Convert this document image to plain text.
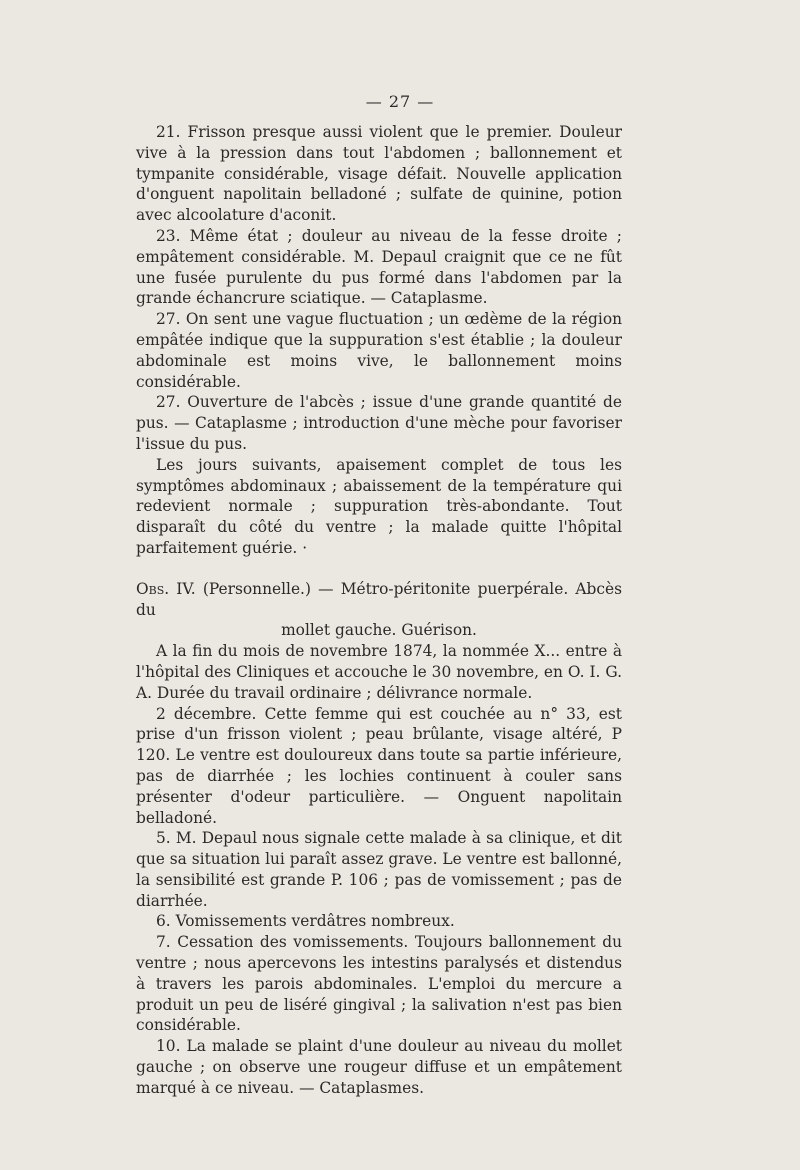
— 27 —

21. Frisson presque aussi violent que le premier. Douleur vive à la pression dans tout l'abdomen ; ballonnement et tympanite considérable, visage défait. Nouvelle application d'onguent napolitain belladoné ; sulfate de quinine, potion avec alcoolature d'aconit.

23. Même état ; douleur au niveau de la fesse droite ; empâtement considérable. M. Depaul craignit que ce ne fût une fusée purulente du pus formé dans l'abdomen par la grande échancrure sciatique. — Cataplasme.

27. On sent une vague fluctuation ; un œdème de la région empâtée indique que la suppuration s'est établie ; la douleur abdominale est moins vive, le ballonnement moins considérable.

27. Ouverture de l'abcès ; issue d'une grande quantité de pus. — Cataplasme ; introduction d'une mèche pour favoriser l'issue du pus.

Les jours suivants, apaisement complet de tous les symptômes abdominaux ; abaissement de la température qui redevient normale ; suppuration très-abondante. Tout disparaît du côté du ventre ; la malade quitte l'hôpital parfaitement guérie. ·

Obs. IV. (Personnelle.) — Métro-péritonite puerpérale. Abcès du
mollet gauche. Guérison.

A la fin du mois de novembre 1874, la nommée X... entre à l'hôpital des Cliniques et accouche le 30 novembre, en O. I. G. A. Durée du travail ordinaire ; délivrance normale.

2 décembre. Cette femme qui est couchée au n° 33, est prise d'un frisson violent ; peau brûlante, visage altéré, P 120. Le ventre est douloureux dans toute sa partie inférieure, pas de diarrhée ; les lochies continuent à couler sans présenter d'odeur particulière. — Onguent napolitain belladoné.

5. M. Depaul nous signale cette malade à sa clinique, et dit que sa situation lui paraît assez grave. Le ventre est ballonné, la sensibilité est grande P. 106 ; pas de vomissement ; pas de diarrhée.

6. Vomissements verdâtres nombreux.

7. Cessation des vomissements. Toujours ballonnement du ventre ; nous apercevons les intestins paralysés et distendus à travers les parois abdominales. L'emploi du mercure a produit un peu de liséré gingival ; la salivation n'est pas bien considérable.

10. La malade se plaint d'une douleur au niveau du mollet gauche ; on observe une rougeur diffuse et un empâtement marqué à ce niveau. — Cataplasmes.
